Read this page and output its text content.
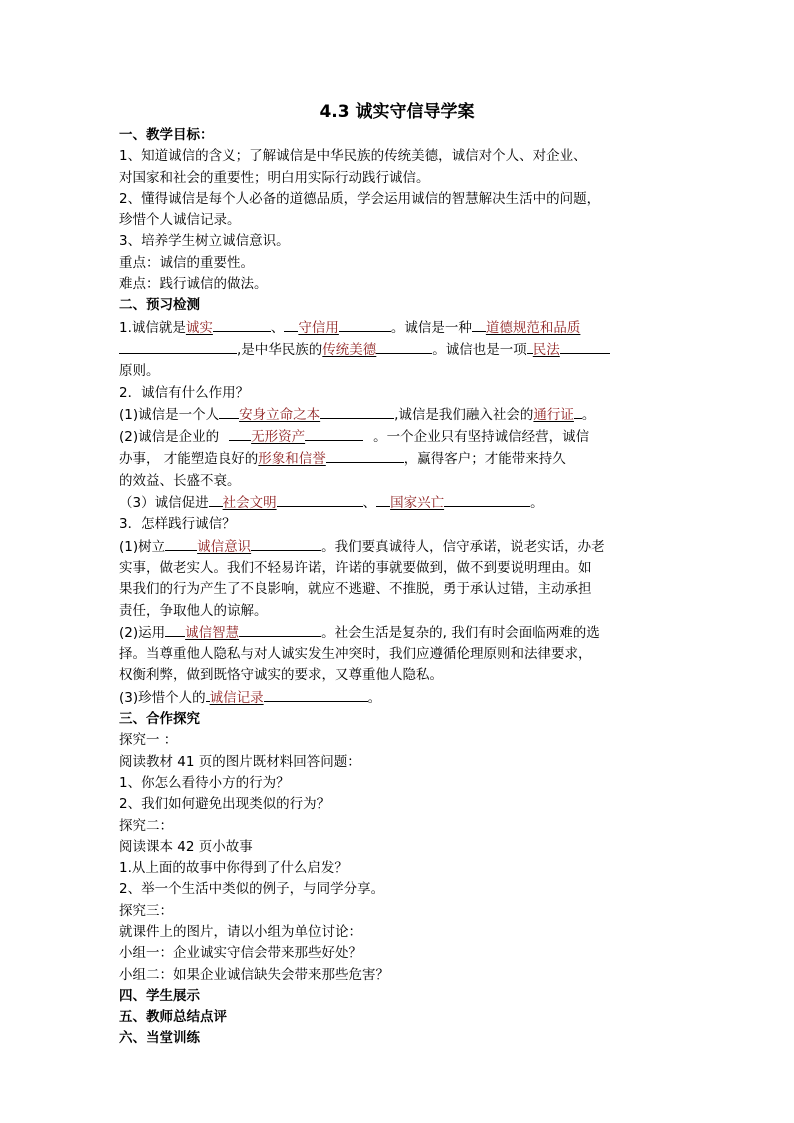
4.3 诚实守信导学案
一、教学目标：
1、知道诚信的含义；了解诚信是中华民族的传统美德，诚信对个人、对企业、
对国家和社会的重要性；明白用实际行动践行诚信。
2、懂得诚信是每个人必备的道德品质，学会运用诚信的智慧解决生活中的问题，
珍惜个人诚信记录。
3、培养学生树立诚信意识。
重点：诚信的重要性。
难点：践行诚信的做法。
二、预习检测
1.诚信就是诚实	、 守信用	。诚信是一种 道德规范和品质
,是中华民族的传统美德	。诚信也是一项 民法
原则。
2．诚信有什么作用？
(1)诚信是一个人 安身立命之本	,诚信是我们融入社会的通行证 。
(2)诚信是企业的 无形资产	。一个企业只有坚持诚信经营，诚信
办事， 才能塑造良好的形象和信誉	，赢得客户；才能带来持久
的效益、长盛不衰。
（3）诚信促进 社会文明	、 国家兴亡	。
3．怎样践行诚信？
(1)树立 诚信意识	。我们要真诚待人，信守承诺，说老实话，办老
实事，做老实人。我们不轻易许诺，许诺的事就要做到，做不到要说明理由。如
果我们的行为产生了不良影响，就应不逃避、不推脱，勇于承认过错，主动承担
责任，争取他人的谅解。
(2)运用 诚信智慧	。社会生活是复杂的, 我们有时会面临两难的选
择。当尊重他人隐私与对人诚实发生冲突时，我们应遵循伦理原则和法律要求，
权衡利弊，做到既恪守诚实的要求，又尊重他人隐私。
(3)珍惜个人的 诚信记录	。
三、合作探究
探究一 ：
阅读教材 41 页的图片既材料回答问题：
1、你怎么看待小方的行为？
2、我们如何避免出现类似的行为？
探究二：
阅读课本 42 页小故事
1.从上面的故事中你得到了什么启发？
2、举一个生活中类似的例子，与同学分享。
探究三：
就课件上的图片，请以小组为单位讨论：
小组一：企业诚实守信会带来那些好处？
小组二：如果企业诚信缺失会带来那些危害？
四、学生展示
五、教师总结点评
六、当堂训练
